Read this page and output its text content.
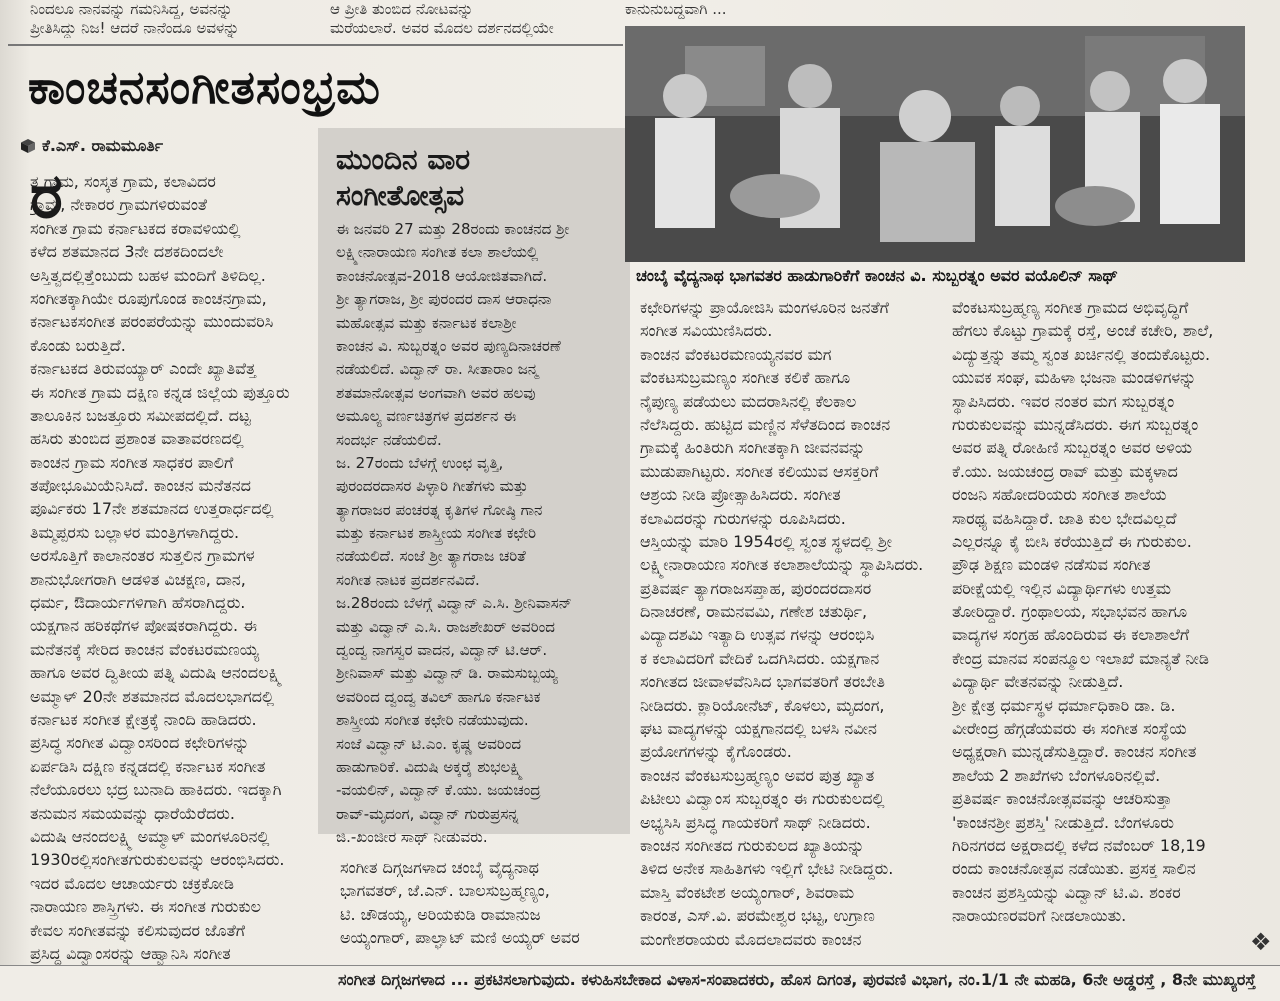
ನಿಂದಲೂ ನಾನವನ್ನು ಗಮನಿಸಿದ್ದ, ಅವನನ್ನು
ಪ್ರೀತಿಸಿದ್ದು ನಿಜ! ಆದರೆ ನಾನೆಂದೂ ಅವಳನ್ನು
ಆ ಪ್ರೀತಿ ತುಂಬಿದ ನೋಟವನ್ನು
ಮರೆಯಲಾರೆ. ಅವರ ಮೊದಲ ದರ್ಶನದಲ್ಲಿಯೇ
ಕಾನುನುಬದ್ಧವಾಗಿ ...
ಕಾಂಚನಸಂಗೀತಸಂಭ್ರಮ
ಕೆ.ಎಸ್. ರಾಮಮೂರ್ತಿ
ರ
ತ ಗ್ರಾಮ, ಸಂಸ್ಕತ ಗ್ರಾಮ, ಕಲಾವಿದರ
ಗ್ರಾಮ, ನೇಕಾರರ ಗ್ರಾಮಗಳಿರುವಂತೆ
ಸಂಗೀತ ಗ್ರಾಮ ಕರ್ನಾಟಕದ ಕರಾವಳಿಯಲ್ಲಿ
ಕಳೆದ ಶತಮಾನದ 3ನೇ ದಶಕದಿಂದಲೇ
ಅಸ್ತಿತ್ವದಲ್ಲಿತ್ತೆಂಬುದು ಬಹಳ ಮಂದಿಗೆ ತಿಳಿದಿಲ್ಲ.
ಸಂಗೀತಕ್ಕಾಗಿಯೇ ರೂಪುಗೊಂಡ ಕಾಂಚನಗ್ರಾಮ,
ಕರ್ನಾಟಕಸಂಗೀತ ಪರಂಪರೆಯನ್ನು ಮುಂದುವರಿಸಿ
ಕೊಂಡು ಬರುತ್ತಿದೆ.
ಕರ್ನಾಟಕದ ತಿರುವಯ್ಯಾರ್ ಎಂದೇ ಖ್ಯಾತಿವೆತ್ತ
ಈ ಸಂಗೀತ ಗ್ರಾಮ ದಕ್ಷಿಣ ಕನ್ನಡ ಜಿಲ್ಲೆಯ ಪುತ್ತೂರು
ತಾಲೂಕಿನ ಬಜತ್ತೂರು ಸಮೀಪದಲ್ಲಿದೆ. ದಟ್ಟ
ಹಸಿರು ತುಂಬಿದ ಪ್ರಶಾಂತ ವಾತಾವರಣದಲ್ಲಿ
ಕಾಂಚನ ಗ್ರಾಮ ಸಂಗೀತ ಸಾಧಕರ ಪಾಲಿಗೆ
ತಪೋಭೂಮಿಯೆನಿಸಿದೆ. ಕಾಂಚನ ಮನೆತನದ
ಪೂರ್ವಿಕರು 17ನೇ ಶತಮಾನದ ಉತ್ತರಾರ್ಧದಲ್ಲಿ
ತಿಮ್ಮಪ್ಪರಸು ಬಲ್ಲಾಳರ ಮಂತ್ರಿಗಳಾಗಿದ್ದರು.
ಅರಸೊತ್ತಿಗೆ ಕಾಲಾನಂತರ ಸುತ್ತಲಿನ ಗ್ರಾಮಗಳ
ಶಾನುಭೋಗರಾಗಿ ಆಡಳಿತ ವಿಚಕ್ಷಣ, ದಾನ,
ಧರ್ಮ, ಔದಾರ್ಯಗಳಿಗಾಗಿ ಹೆಸರಾಗಿದ್ದರು.
ಯಕ್ಷಗಾನ ಹರಿಕಥೆಗಳ ಪೋಷಕರಾಗಿದ್ದರು. ಈ
ಮನೆತನಕ್ಕೆ ಸೇರಿದ ಕಾಂಚನ ವೆಂಕಟರಮಣಯ್ಯ
ಹಾಗೂ ಅವರ ದ್ವಿತೀಯ ಪತ್ನಿ ವಿದುಷಿ ಆನಂದಲಕ್ಷ್ಮಿ
ಅಮ್ಮಾಳ್ 20ನೇ ಶತಮಾನದ ಮೊದಲಭಾಗದಲ್ಲಿ
ಕರ್ನಾಟಕ ಸಂಗೀತ ಕ್ಷೇತ್ರಕ್ಕೆ ನಾಂದಿ ಹಾಡಿದರು.
ಪ್ರಸಿದ್ಧ ಸಂಗೀತ ವಿದ್ವಾಂಸರಿಂದ ಕಛೇರಿಗಳನ್ನು
ಏರ್ಪಡಿಸಿ ದಕ್ಷಿಣ ಕನ್ನಡದಲ್ಲಿ ಕರ್ನಾಟಕ ಸಂಗೀತ
ನೆಲೆಯೂರಲು ಭದ್ರ ಬುನಾದಿ ಹಾಕಿದರು. ಇದಕ್ಕಾಗಿ
ತನುಮನ ಸಮಯವನ್ನು ಧಾರೆಯೆರೆದರು.
ವಿದುಷಿ ಆನಂದಲಕ್ಷ್ಮಿ ಅಮ್ಮಾಳ್ ಮಂಗಳೂರಿನಲ್ಲಿ
1930ರಲ್ಲಿಸಂಗೀತಗುರುಕುಲವನ್ನು ಆರಂಭಿಸಿದರು.
ಇದರ ಮೊದಲ ಆಚಾರ್ಯರು ಚಕ್ರಕೋಡಿ
ನಾರಾಯಣ ಶಾಸ್ತ್ರಿಗಳು. ಈ ಸಂಗೀತ ಗುರುಕುಲ
ಕೇವಲ ಸಂಗೀತವನ್ನು ಕಲಿಸುವುದರ ಜೊತೆಗೆ
ಪ್ರಸಿದ್ಧ ವಿದ್ವಾಂಸರನ್ನು ಆಹ್ವಾನಿಸಿ ಸಂಗೀತ
ಮುಂದಿನ ವಾರ
ಸಂಗೀತೋತ್ಸವ
ಈ ಜನವರಿ 27 ಮತ್ತು 28ರಂದು ಕಾಂಚನದ ಶ್ರೀ
ಲಕ್ಷ್ಮೀನಾರಾಯಣ ಸಂಗೀತ ಕಲಾ ಶಾಲೆಯಲ್ಲಿ
ಕಾಂಚನೋತ್ಸವ-2018 ಆಯೋಜಿತವಾಗಿದೆ.
ಶ್ರೀ ತ್ಯಾಗರಾಜ, ಶ್ರೀ ಪುರಂದರ ದಾಸ ಆರಾಧನಾ
ಮಹೋತ್ಸವ ಮತ್ತು ಕರ್ನಾಟಕ ಕಲಾಶ್ರೀ
ಕಾಂಚನ ವಿ. ಸುಬ್ಬರತ್ನಂ ಅವರ ಪುಣ್ಯದಿನಾಚರಣೆ
ನಡೆಯಲಿದೆ. ವಿದ್ವಾನ್ ರಾ. ಸೀತಾರಾಂ ಜನ್ಮ
ಶತಮಾನೋತ್ಸವ ಅಂಗವಾಗಿ ಅವರ ಹಲವು
ಅಮೂಲ್ಯ ವರ್ಣಚಿತ್ರಗಳ ಪ್ರದರ್ಶನ ಈ
ಸಂದರ್ಭ ನಡೆಯಲಿದೆ.
ಜ. 27ರಂದು ಬೆಳಗ್ಗೆ ಉಂಛ ವೃತ್ತಿ,
ಪುರಂದರದಾಸರ ಪಿಳ್ಳಾರಿ ಗೀತೆಗಳು ಮತ್ತು
ತ್ಯಾಗರಾಜರ ಪಂಚರತ್ನ ಕೃತಿಗಳ ಗೋಷ್ಠಿ ಗಾನ
ಮತ್ತು ಕರ್ನಾಟಕ ಶಾಸ್ತ್ರೀಯ ಸಂಗೀತ ಕಛೇರಿ
ನಡೆಯಲಿದೆ. ಸಂಜೆ ಶ್ರೀ ತ್ಯಾಗರಾಜ ಚರಿತೆ
ಸಂಗೀತ ನಾಟಕ ಪ್ರದರ್ಶನವಿದೆ.
ಜ.28ರಂದು ಬೆಳಗ್ಗೆ ವಿದ್ವಾನ್ ಎ.ಸಿ. ಶ್ರೀನಿವಾಸನ್
ಮತ್ತು ವಿದ್ವಾನ್ ಎ.ಸಿ. ರಾಜಶೇಖರ್ ಅವರಿಂದ
ದ್ವಂದ್ವ ನಾಗಸ್ವರ ವಾದನ, ವಿದ್ವಾನ್ ಟಿ.ಆರ್.
ಶ್ರೀನಿವಾಸ್ ಮತ್ತು ವಿದ್ವಾನ್ ಡಿ. ರಾಮಸುಬ್ಬಯ್ಯ
ಅವರಿಂದ ದ್ವಂದ್ವ ತವಿಲ್ ಹಾಗೂ ಕರ್ನಾಟಕ
ಶಾಸ್ತ್ರೀಯ ಸಂಗೀತ ಕಛೇರಿ ನಡೆಯುವುದು.
ಸಂಜೆ ವಿದ್ವಾನ್ ಟಿ.ಎಂ. ಕೃಷ್ಣ ಅವರಿಂದ
ಹಾಡುಗಾರಿಕೆ. ವಿದುಷಿ ಅಕ್ಕರೈ ಶುಭಲಕ್ಷ್ಮಿ
-ವಯಲಿನ್, ವಿದ್ವಾನ್ ಕೆ.ಯು. ಜಯಚಂದ್ರ
ರಾವ್-ಮೃದಂಗ, ವಿದ್ವಾನ್ ಗುರುಪ್ರಸನ್ನ
ಜಿ.-ಖಂಜೀರ ಸಾಥ್ ನೀಡುವರು.
ಸಂಗೀತ ದಿಗ್ಗಜಗಳಾದ ಚಂಬೈ ವೈದ್ಯನಾಥ
ಭಾಗವತರ್, ಜೆ.ಎನ್. ಬಾಲಸುಬ್ರಹ್ಮಣ್ಯಂ,
ಟಿ. ಚೌಡಯ್ಯ, ಅರಿಯಕುಡಿ ರಾಮಾನುಜ
ಅಯ್ಯಂಗಾರ್, ಪಾಲ್ಘಾಟ್ ಮಣಿ ಅಯ್ಯರ್ ಅವರ
ಚಂಬೈ ವೈದ್ಯನಾಥ ಭಾಗವತರ ಹಾಡುಗಾರಿಕೆಗೆ ಕಾಂಚನ ವಿ. ಸುಬ್ಬರತ್ನಂ ಅವರ ವಯೊಲಿನ್ ಸಾಥ್
ಕಛೇರಿಗಳನ್ನು ಪ್ರಾಯೋಜಿಸಿ ಮಂಗಳೂರಿನ ಜನತೆಗೆ
ಸಂಗೀತ ಸವಿಯುಣಿಸಿದರು.
ಕಾಂಚನ ವೆಂಕಟರಮಣಯ್ಯನವರ ಮಗ
ವೆಂಕಟಸುಬ್ರಮಣ್ಯಂ ಸಂಗೀತ ಕಲಿಕೆ ಹಾಗೂ
ನೈಪುಣ್ಯ ಪಡೆಯಲು ಮದರಾಸಿನಲ್ಲಿ ಕೆಲಕಾಲ
ನೆಲೆಸಿದ್ದರು. ಹುಟ್ಟಿದ ಮಣ್ಣಿನ ಸೆಳೆತದಿಂದ ಕಾಂಚನ
ಗ್ರಾಮಕ್ಕೆ ಹಿಂತಿರುಗಿ ಸಂಗೀತಕ್ಕಾಗಿ ಜೀವನವನ್ನು
ಮುಡುಪಾಗಿಟ್ಟರು. ಸಂಗೀತ ಕಲಿಯುವ ಆಸಕ್ತರಿಗೆ
ಆಶ್ರಯ ನೀಡಿ ಪ್ರೋತ್ಸಾಹಿಸಿದರು. ಸಂಗೀತ
ಕಲಾವಿದರನ್ನು ಗುರುಗಳನ್ನು ರೂಪಿಸಿದರು.
ಆಸ್ತಿಯನ್ನು ಮಾರಿ 1954ರಲ್ಲಿ ಸ್ವಂತ ಸ್ಥಳದಲ್ಲಿ ಶ್ರೀ
ಲಕ್ಷ್ಮೀನಾರಾಯಣ ಸಂಗೀತ ಕಲಾಶಾಲೆಯನ್ನು ಸ್ಥಾಪಿಸಿದರು.
ಪ್ರತಿವರ್ಷ ತ್ಯಾಗರಾಜಸಪ್ತಾಹ, ಪುರಂದರದಾಸರ
ದಿನಾಚರಣೆ, ರಾಮನವಮಿ, ಗಣೇಶ ಚತುರ್ಥಿ,
ವಿದ್ಯಾದಶಮಿ ಇತ್ಯಾದಿ ಉತ್ಸವ ಗಳನ್ನು ಆರಂಭಿಸಿ
ಕ ಕಲಾವಿದರಿಗೆ ವೇದಿಕೆ ಒದಗಿಸಿದರು. ಯಕ್ಷಗಾನ
ಸಂಗೀತದ ಜೀವಾಳವೆನಿಸಿದ ಭಾಗವತರಿಗೆ ತರಬೇತಿ
ನೀಡಿದರು. ಕ್ಲಾರಿಯೋನೆಟ್, ಕೊಳಲು, ಮೃದಂಗ,
ಘಟ ವಾದ್ಯಗಳನ್ನು ಯಕ್ಷಗಾನದಲ್ಲಿ ಬಳಸಿ ನವೀನ
ಪ್ರಯೋಗಗಳನ್ನು ಕೈಗೊಂಡರು.
ಕಾಂಚನ ವೆಂಕಟಸುಬ್ರಹ್ಮಣ್ಯಂ ಅವರ ಪುತ್ರ ಖ್ಯಾತ
ಪಿಟೀಲು ವಿದ್ವಾಂಸ ಸುಬ್ಬರತ್ನಂ ಈ ಗುರುಕುಲದಲ್ಲಿ
ಅಭ್ಯಸಿಸಿ ಪ್ರಸಿದ್ಧ ಗಾಯಕರಿಗೆ ಸಾಥ್ ನೀಡಿದರು.
ಕಾಂಚನ ಸಂಗೀತದ ಗುರುಕುಲದ ಖ್ಯಾತಿಯನ್ನು
ತಿಳಿದ ಅನೇಕ ಸಾಹಿತಿಗಳು ಇಲ್ಲಿಗೆ ಭೇಟಿ ನೀಡಿದ್ದರು.
ಮಾಸ್ತಿ ವೆಂಕಟೇಶ ಅಯ್ಯಂಗಾರ್, ಶಿವರಾಮ
ಕಾರಂತ, ಎಸ್.ವಿ. ಪರಮೇಶ್ವರ ಭಟ್ಟ, ಉಗ್ರಾಣ
ಮಂಗೇಶರಾಯರು ಮೊದಲಾದವರು ಕಾಂಚನ
ವೆಂಕಟಸುಬ್ರಹ್ಮಣ್ಯ ಸಂಗೀತ ಗ್ರಾಮದ ಅಭಿವೃದ್ಧಿಗೆ
ಹೆಗಲು ಕೊಟ್ಟು ಗ್ರಾಮಕ್ಕೆ ರಸ್ತೆ, ಅಂಚೆ ಕಚೇರಿ, ಶಾಲೆ,
ವಿದ್ಯುತ್ತನ್ನು ತಮ್ಮ ಸ್ವಂತ ಖರ್ಚಿನಲ್ಲಿ ತಂದುಕೊಟ್ಟರು.
ಯುವಕ ಸಂಘ, ಮಹಿಳಾ ಭಜನಾ ಮಂಡಳಿಗಳನ್ನು
ಸ್ಥಾಪಿಸಿದರು. ಇವರ ನಂತರ ಮಗ ಸುಬ್ಬರತ್ನಂ
ಗುರುಕುಲವನ್ನು ಮುನ್ನಡೆಸಿದರು. ಈಗ ಸುಬ್ಬರತ್ನಂ
ಅವರ ಪತ್ನಿ ರೋಹಿಣಿ ಸುಬ್ಬರತ್ನಂ ಅವರ ಅಳಿಯ
ಕೆ.ಯು. ಜಯಚಂದ್ರ ರಾವ್ ಮತ್ತು ಮಕ್ಕಳಾದ
ರಂಜನಿ ಸಹೋದರಿಯರು ಸಂಗೀತ ಶಾಲೆಯ
ಸಾರಥ್ಯ ವಹಿಸಿದ್ದಾರೆ. ಜಾತಿ ಕುಲ ಭೇದವಿಲ್ಲದೆ
ಎಲ್ಲರನ್ನೂ ಕೈ ಬೀಸಿ ಕರೆಯುತ್ತಿದೆ ಈ ಗುರುಕುಲ.
ಪ್ರೌಢ ಶಿಕ್ಷಣ ಮಂಡಳಿ ನಡೆಸುವ ಸಂಗೀತ
ಪರೀಕ್ಷೆಯಲ್ಲಿ ಇಲ್ಲಿನ ವಿದ್ಯಾರ್ಥಿಗಳು ಉತ್ತಮ
ತೋರಿದ್ದಾರೆ. ಗ್ರಂಥಾಲಯ, ಸಭಾಭವನ ಹಾಗೂ
ವಾದ್ಯಗಳ ಸಂಗ್ರಹ ಹೊಂದಿರುವ ಈ ಕಲಾಶಾಲೆಗೆ
ಕೇಂದ್ರ ಮಾನವ ಸಂಪನ್ಮೂಲ ಇಲಾಖೆ ಮಾನ್ಯತೆ ನೀಡಿ
ವಿದ್ಯಾರ್ಥಿ ವೇತನವನ್ನು ನೀಡುತ್ತಿದೆ.
ಶ್ರೀ ಕ್ಷೇತ್ರ ಧರ್ಮಸ್ಥಳ ಧರ್ಮಾಧಿಕಾರಿ ಡಾ. ಡಿ.
ವೀರೇಂದ್ರ ಹೆಗ್ಗಡೆಯವರು ಈ ಸಂಗೀತ ಸಂಸ್ಥೆಯ
ಅಧ್ಯಕ್ಷರಾಗಿ ಮುನ್ನಡೆಸುತ್ತಿದ್ದಾರೆ. ಕಾಂಚನ ಸಂಗೀತ
ಶಾಲೆಯ 2 ಶಾಖೆಗಳು ಬೆಂಗಳೂರಿನಲ್ಲಿವೆ.
ಪ್ರತಿವರ್ಷ ಕಾಂಚನೋತ್ಸವವನ್ನು ಆಚರಿಸುತ್ತಾ
'ಕಾಂಚನಶ್ರೀ ಪ್ರಶಸ್ತಿ' ನೀಡುತ್ತಿದೆ. ಬೆಂಗಳೂರು
ಗಿರಿನಗರದ ಅಕ್ಷರಾದಲ್ಲಿ ಕಳೆದ ನವೆಂಬರ್ 18,19
ರಂದು ಕಾಂಚನೋತ್ಸವ ನಡೆಯಿತು. ಪ್ರಸಕ್ತ ಸಾಲಿನ
ಕಾಂಚನ ಪ್ರಶಸ್ತಿಯನ್ನು ವಿದ್ವಾನ್ ಟಿ.ವಿ. ಶಂಕರ
ನಾರಾಯಣರವರಿಗೆ ನೀಡಲಾಯಿತು.
❖
ಸಂಗೀತ ದಿಗ್ಗಜಗಳಾದ ... ಪ್ರಕಟಿಸಲಾಗುವುದು. ಕಳುಹಿಸಬೇಕಾದ ವಿಳಾಸ-ಸಂಪಾದಕರು, ಹೊಸ ದಿಗಂತ, ಪುರವಣಿ ವಿಭಾಗ, ನಂ.1/1 ನೇ ಮಹಡಿ, 6ನೇ ಅಡ್ಡರಸ್ತೆ , 8ನೇ ಮುಖ್ಯರಸ್ತೆ
